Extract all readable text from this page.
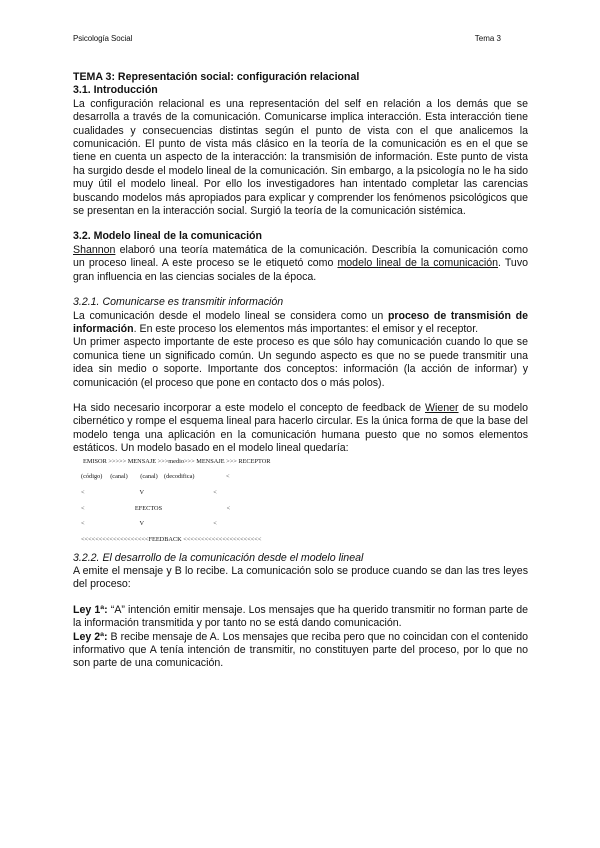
Psicología Social	Tema 3

TEMA 3: Representación social: configuración relacional

3.1. Introducción

La configuración relacional es una representación del self en relación a los demás que se desarrolla a través de la comunicación. Comunicarse implica interacción. Esta interacción tiene cualidades y consecuencias distintas según el punto de vista con el que analicemos la comunicación. El punto de vista más clásico en la teoría de la comunicación es en el que se tiene en cuenta un aspecto de la interacción: la transmisión de información. Este punto de vista ha surgido desde el modelo lineal de la comunicación. Sin embargo, a la psicología no le ha sido muy útil el modelo lineal. Por ello los investigadores han intentado completar las carencias buscando modelos más apropiados para explicar y comprender los fenómenos psicológicos que se presentan en la interacción social. Surgió la teoría de la comunicación sistémica.

3.2. Modelo lineal de la comunicación

Shannon elaboró una teoría matemática de la comunicación. Describía la comunicación como un proceso lineal. A este proceso se le etiquetó como modelo lineal de la comunicación. Tuvo gran influencia en las ciencias sociales de la época.

3.2.1. Comunicarse es transmitir información

La comunicación desde el modelo lineal se considera como un proceso de transmisión de información. En este proceso los elementos más importantes: el emisor y el receptor.

Un primer aspecto importante de este proceso es que sólo hay comunicación cuando lo que se comunica tiene un significado común. Un segundo aspecto es que no se puede transmitir una idea sin medio o soporte. Importante dos conceptos: información (la acción de informar) y comunicación (el proceso que pone en contacto dos o más polos).

Ha sido necesario incorporar a este modelo el concepto de feedback de Wiener de su modelo cibernético y rompe el esquema lineal para hacerlo circular. Es la única forma de que la base del modelo tenga una aplicación en la comunicación humana puesto que no somos elementos estáticos. Un modelo basado en el modelo lineal quedaría:

EMISOR >>>>> MENSAJE >>>medio>>> MENSAJE >>> RECEPTOR
(código)     (canal)        (canal)    (decodifica)                    <
<                                   V                                            <
<                                EFECTOS                                         <
<                                   V                                            <
<<<<<<<<<<<<<<<<<<<FEEDBACK <<<<<<<<<<<<<<<<<<<<<<
3.2.2. El desarrollo de la comunicación desde el modelo lineal

A emite el mensaje y B lo recibe. La comunicación solo se produce cuando se dan las tres leyes del proceso:

Ley 1ª: “A” intención emitir mensaje. Los mensajes que ha querido transmitir no forman parte de la información transmitida y por tanto no se está dando comunicación.

Ley 2ª: B recibe mensaje de A. Los mensajes que reciba pero que no coincidan con el contenido informativo que A tenía intención de transmitir, no constituyen parte del proceso, por lo que no son parte de una comunicación.
